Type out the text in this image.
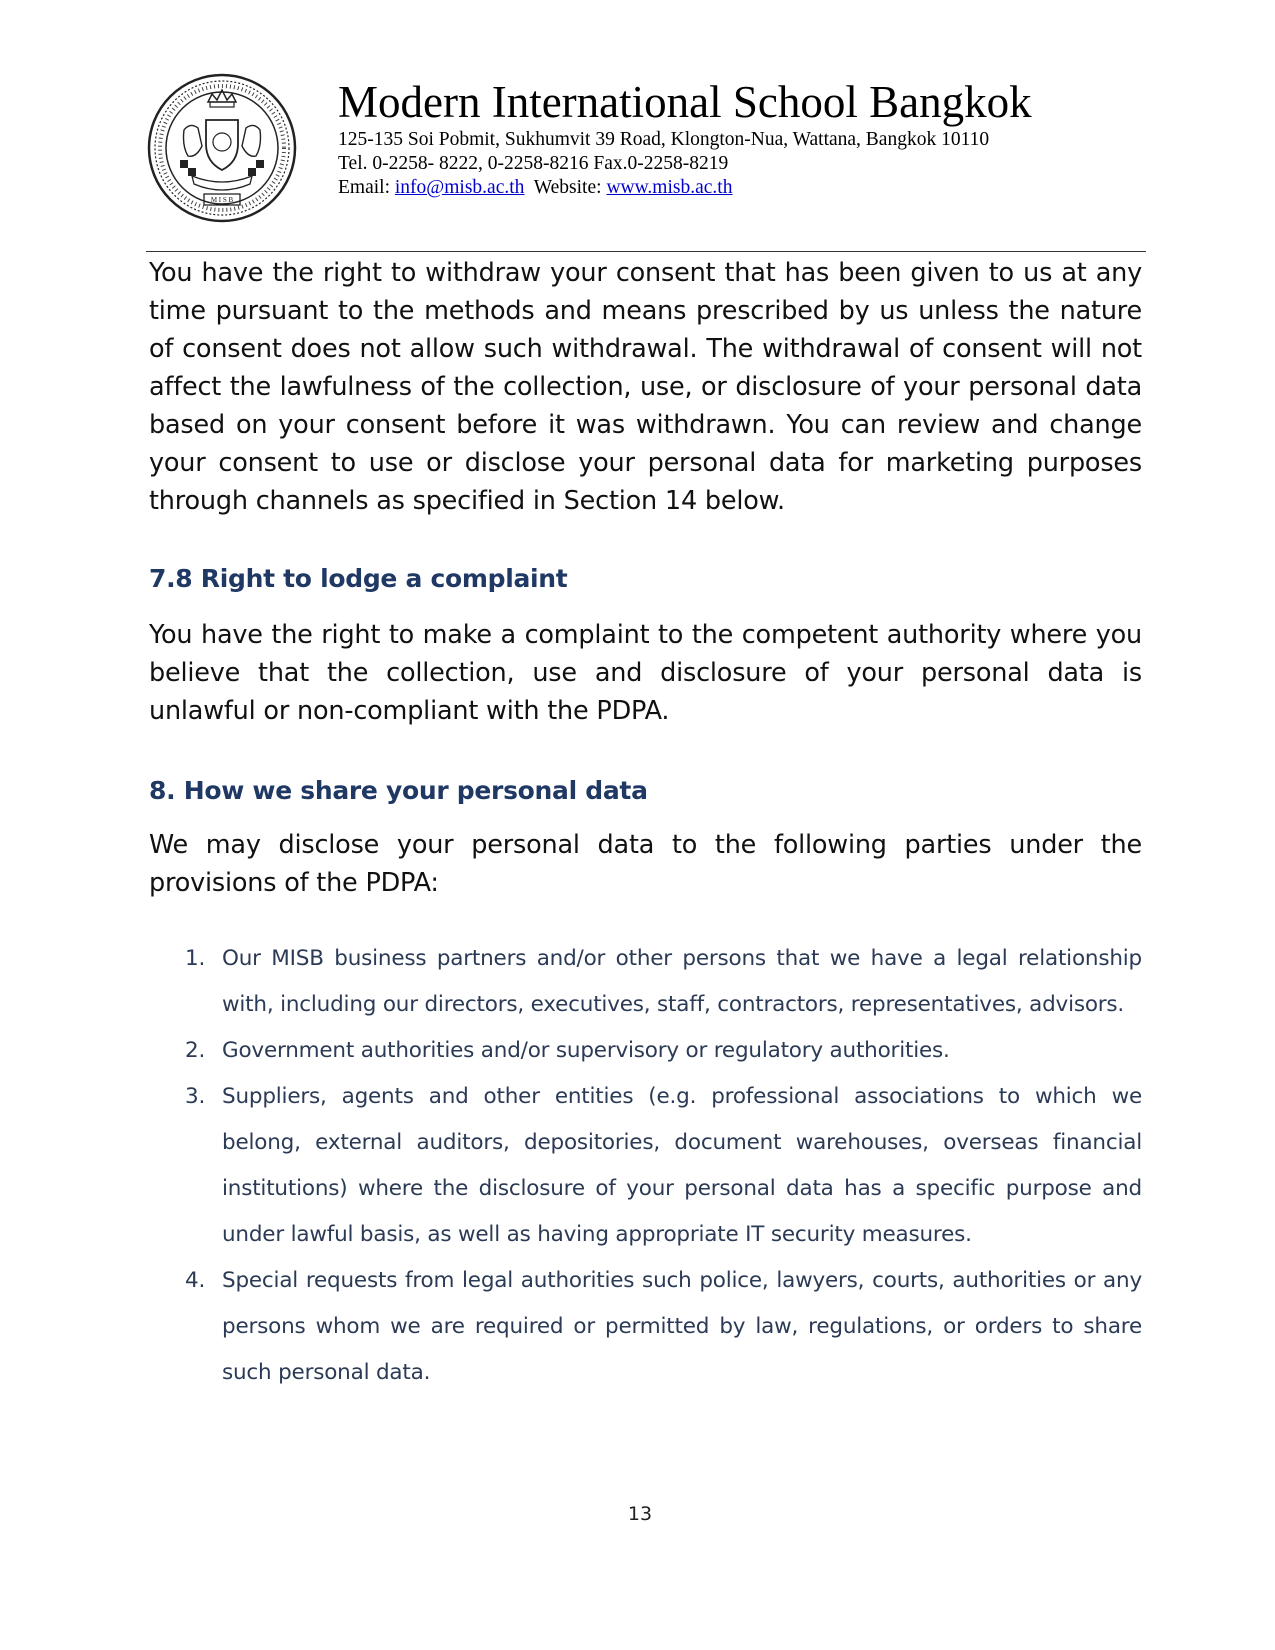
M I S B
Modern International School Bangkok
125-135 Soi Pobmit, Sukhumvit 39 Road, Klongton-Nua, Wattana, Bangkok 10110
Tel. 0-2258- 8222, 0-2258-8216 Fax.0-2258-8219
Email: info@misb.ac.th  Website: www.misb.ac.th
You have the right to withdraw your consent that has been given to us at any time pursuant to the methods and means prescribed by us unless the nature of consent does not allow such withdrawal. The withdrawal of consent will not affect the lawfulness of the collection, use, or disclosure of your personal data based on your consent before it was withdrawn. You can review and change your consent to use or disclose your personal data for marketing purposes through channels as specified in Section 14 below.
7.8 Right to lodge a complaint
You have the right to make a complaint to the competent authority where you believe that the collection, use and disclosure of your personal data is unlawful or non-compliant with the PDPA.
8. How we share your personal data
We may disclose your personal data to the following parties under the provisions of the PDPA:
1. Our MISB business partners and/or other persons that we have a legal relationship with, including our directors, executives, staff, contractors, representatives, advisors.
2. Government authorities and/or supervisory or regulatory authorities.
3. Suppliers, agents and other entities (e.g. professional associations to which we belong, external auditors, depositories, document warehouses, overseas financial institutions) where the disclosure of your personal data has a specific purpose and under lawful basis, as well as having appropriate IT security measures.
4. Special requests from legal authorities such police, lawyers, courts, authorities or any persons whom we are required or permitted by law, regulations, or orders to share such personal data.
13
